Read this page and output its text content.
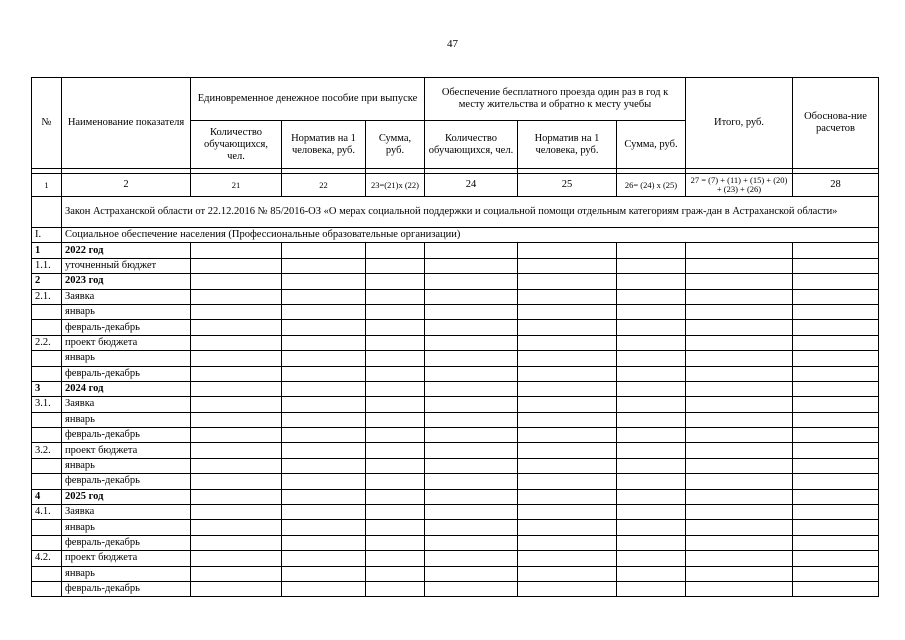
47
№	Наименование показателя	Единовременное денежное пособие при выпуске			Обеспечение бесплатного проезда один раз в год к месту жительства и обратно к месту учебы			Итого, руб.	Обоснова-ние расчетов
		Количество обучающихся, чел.	Норматив на 1 человека, руб.	Сумма, руб.	Количество обучающихся, чел.	Норматив на 1 человека, руб.	Сумма, руб.		

1	2	21	22	23=(21)x (22)	24	25	26= (24) x (25)	27 = (7) + (11) + (15) + (20) + (23) + (26)	28
	Закон Астраханской области от 22.12.2016 № 85/2016-ОЗ «О мерах социальной поддержки и социальной помощи отдельным категориям граж-дан в Астраханской области»								
I.	Социальное обеспечение населения (Профессиональные образовательные организации)								
1	2022 год								
1.1.	уточненный бюджет								
2	2023 год								
2.1.	Заявка								
	январь								
	февраль-декабрь								
2.2.	проект бюджета								
	январь								
	февраль-декабрь								
3	2024 год								
3.1.	Заявка								
	январь								
	февраль-декабрь								
3.2.	проект бюджета								
	январь								
	февраль-декабрь								
4	2025 год								
4.1.	Заявка								
	январь								
	февраль-декабрь								
4.2.	проект бюджета								
	январь								
	февраль-декабрь								
